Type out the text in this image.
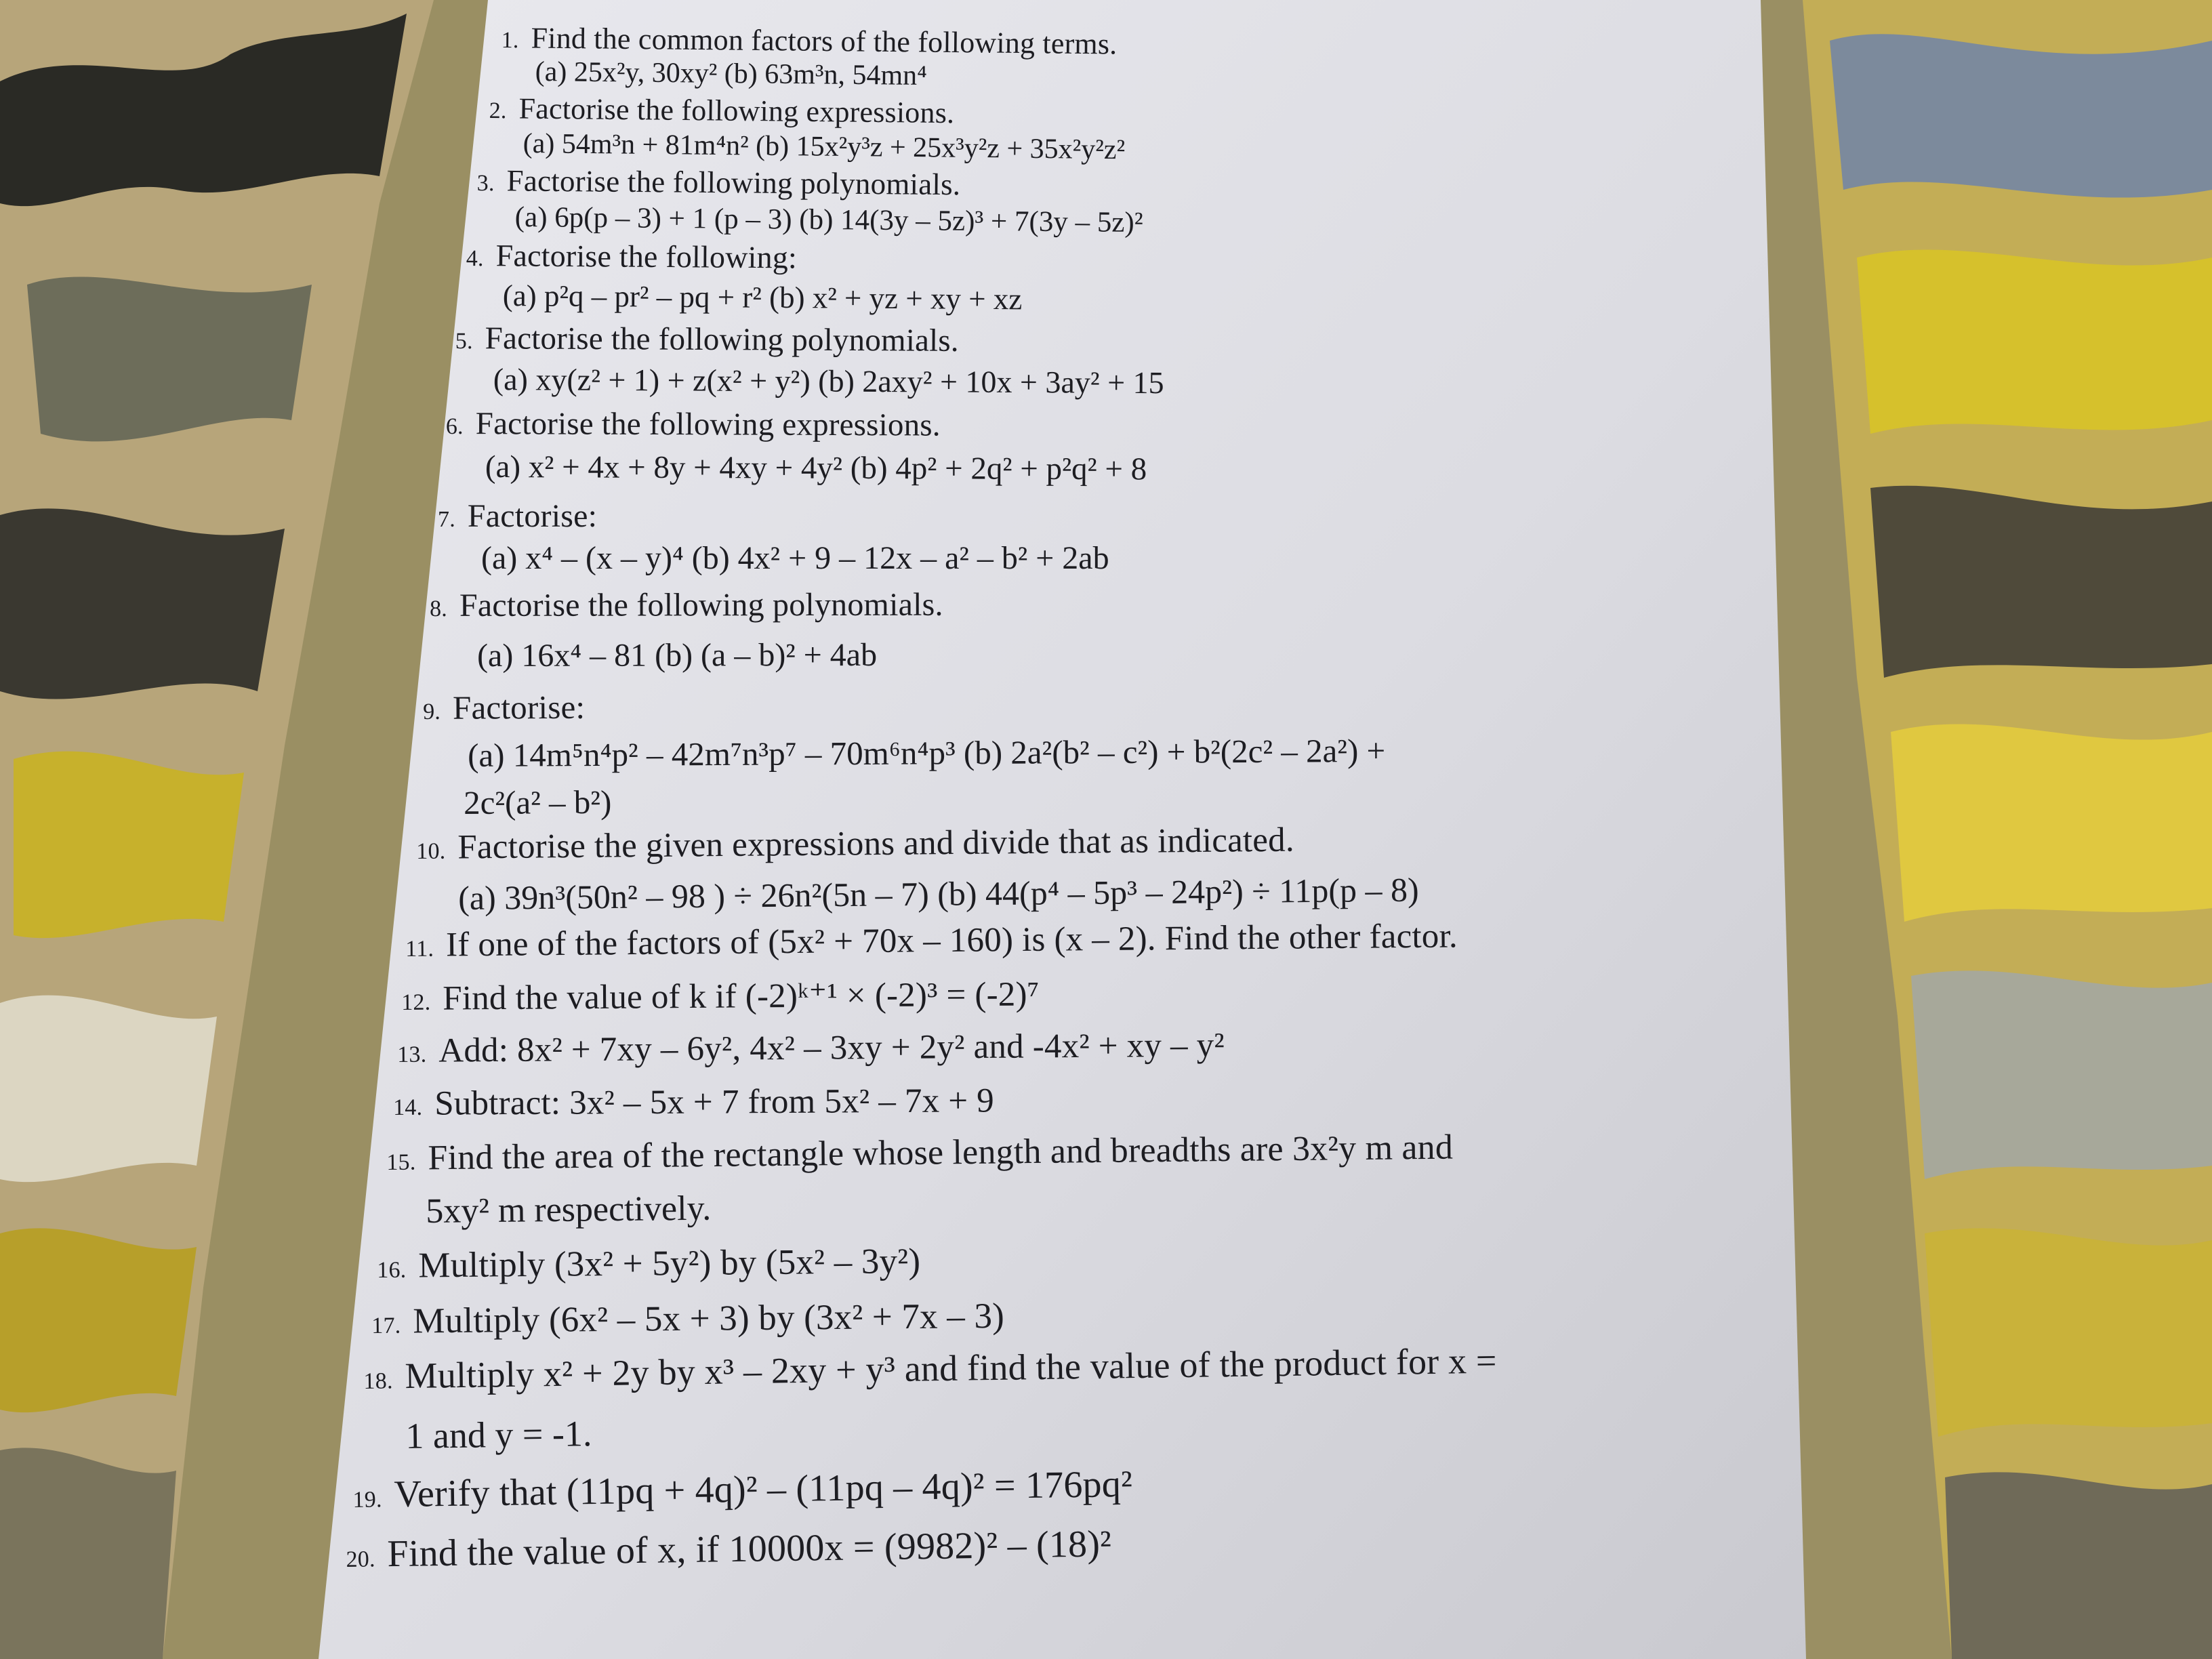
1. Find the common factors of the following terms.
(a) 25x²y, 30xy² (b) 63m³n, 54mn⁴
2. Factorise the following expressions.
(a) 54m³n + 81m⁴n² (b) 15x²y³z + 25x³y²z + 35x²y²z²
3. Factorise the following polynomials.
(a) 6p(p – 3) + 1 (p – 3) (b) 14(3y – 5z)³ + 7(3y – 5z)²
4. Factorise the following:
(a) p²q – pr² – pq + r² (b) x² + yz + xy + xz
5. Factorise the following polynomials.
(a) xy(z² + 1) + z(x² + y²) (b) 2axy² + 10x + 3ay² + 15
6. Factorise the following expressions.
(a) x² + 4x + 8y + 4xy + 4y² (b) 4p² + 2q² + p²q² + 8
7. Factorise:
(a) x⁴ – (x – y)⁴ (b) 4x² + 9 – 12x – a² – b² + 2ab
8. Factorise the following polynomials.
(a) 16x⁴ – 81 (b) (a – b)² + 4ab
9. Factorise:
(a) 14m⁵n⁴p² – 42m⁷n³p⁷ – 70m⁶n⁴p³ (b) 2a²(b² – c²) + b²(2c² – 2a²) +
2c²(a² – b²)
10. Factorise the given expressions and divide that as indicated.
(a) 39n³(50n² – 98 ) ÷ 26n²(5n – 7) (b) 44(p⁴ – 5p³ – 24p²) ÷ 11p(p – 8)
11. If one of the factors of (5x² + 70x – 160) is (x – 2). Find the other factor.
12. Find the value of k if (-2)ᵏ⁺¹ × (-2)³ = (-2)⁷
13. Add: 8x² + 7xy – 6y², 4x² – 3xy + 2y² and -4x² + xy – y²
14. Subtract: 3x² – 5x + 7 from 5x² – 7x + 9
15. Find the area of the rectangle whose length and breadths are 3x²y m and
5xy² m respectively.
16. Multiply (3x² + 5y²) by (5x² – 3y²)
17. Multiply (6x² – 5x + 3) by (3x² + 7x – 3)
18. Multiply x² + 2y by x³ – 2xy + y³ and find the value of the product for x =
1 and y = -1.
19. Verify that (11pq + 4q)² – (11pq – 4q)² = 176pq²
20. Find the value of x, if 10000x = (9982)² – (18)²
